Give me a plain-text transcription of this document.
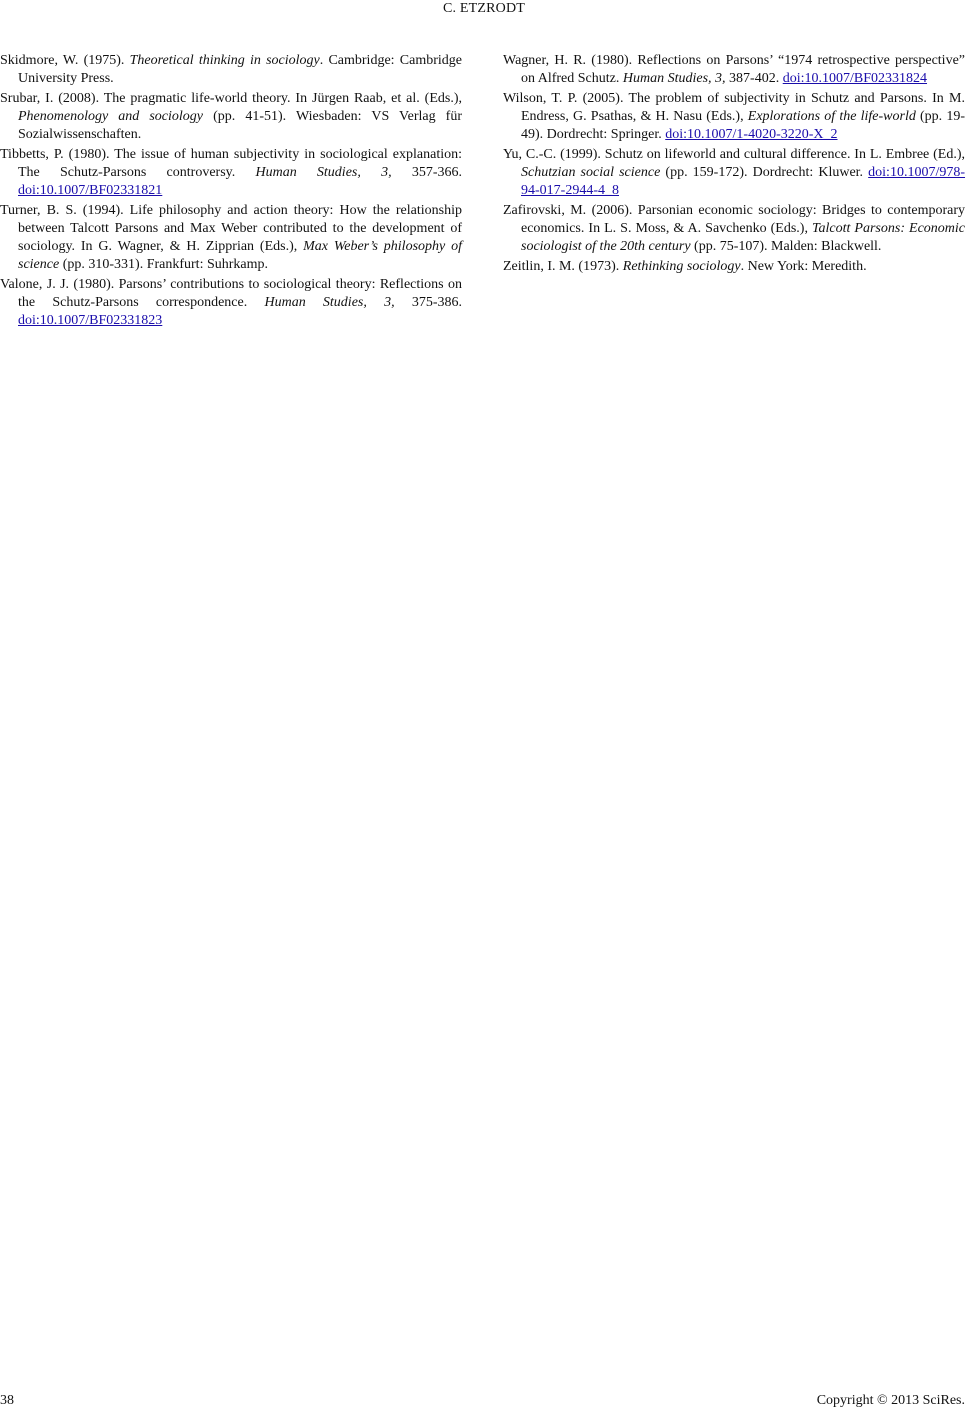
C. ETZRODT

Skidmore, W. (1975). Theoretical thinking in sociology. Cambridge: Cambridge University Press.

Srubar, I. (2008). The pragmatic life-world theory. In Jürgen Raab, et al. (Eds.), Phenomenology and sociology (pp. 41-51). Wiesbaden: VS Verlag für Sozialwissenschaften.

Tibbetts, P. (1980). The issue of human subjectivity in sociological explanation: The Schutz-Parsons controversy. Human Studies, 3, 357-366. doi:10.1007/BF02331821

Turner, B. S. (1994). Life philosophy and action theory: How the relationship between Talcott Parsons and Max Weber contributed to the development of sociology. In G. Wagner, & H. Zipprian (Eds.), Max Weber’s philosophy of science (pp. 310-331). Frankfurt: Suhrkamp.

Valone, J. J. (1980). Parsons’ contributions to sociological theory: Reflections on the Schutz-Parsons correspondence. Human Studies, 3, 375-386. doi:10.1007/BF02331823

Wagner, H. R. (1980). Reflections on Parsons’ “1974 retrospective perspective” on Alfred Schutz. Human Studies, 3, 387-402. doi:10.1007/BF02331824

Wilson, T. P. (2005). The problem of subjectivity in Schutz and Parsons. In M. Endress, G. Psathas, & H. Nasu (Eds.), Explorations of the life-world (pp. 19-49). Dordrecht: Springer. doi:10.1007/1-4020-3220-X_2

Yu, C.-C. (1999). Schutz on lifeworld and cultural difference. In L. Embree (Ed.), Schutzian social science (pp. 159-172). Dordrecht: Kluwer. doi:10.1007/978-94-017-2944-4_8

Zafirovski, M. (2006). Parsonian economic sociology: Bridges to contemporary economics. In L. S. Moss, & A. Savchenko (Eds.), Talcott Parsons: Economic sociologist of the 20th century (pp. 75-107). Malden: Blackwell.

Zeitlin, I. M. (1973). Rethinking sociology. New York: Meredith.

38	Copyright © 2013 SciRes.
